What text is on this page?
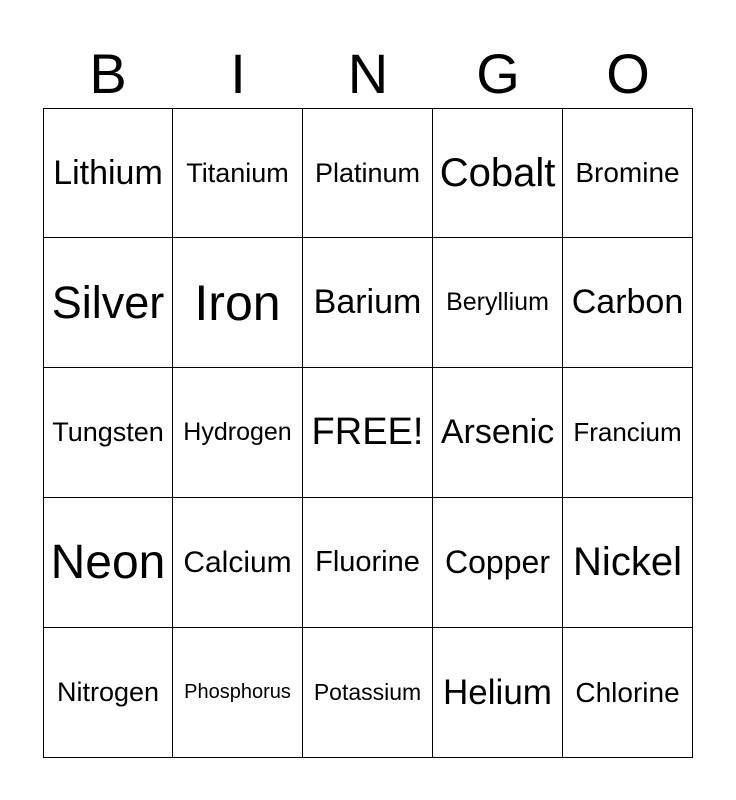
B	I	N	G	O
Lithium Titanium Platinum Cobalt Bromine
Silver Iron Barium Beryllium Carbon
Tungsten Hydrogen FREE! Arsenic Francium
Neon Calcium Fluorine Copper Nickel
Nitrogen	Phosphorus Potassium Helium Chlorine
